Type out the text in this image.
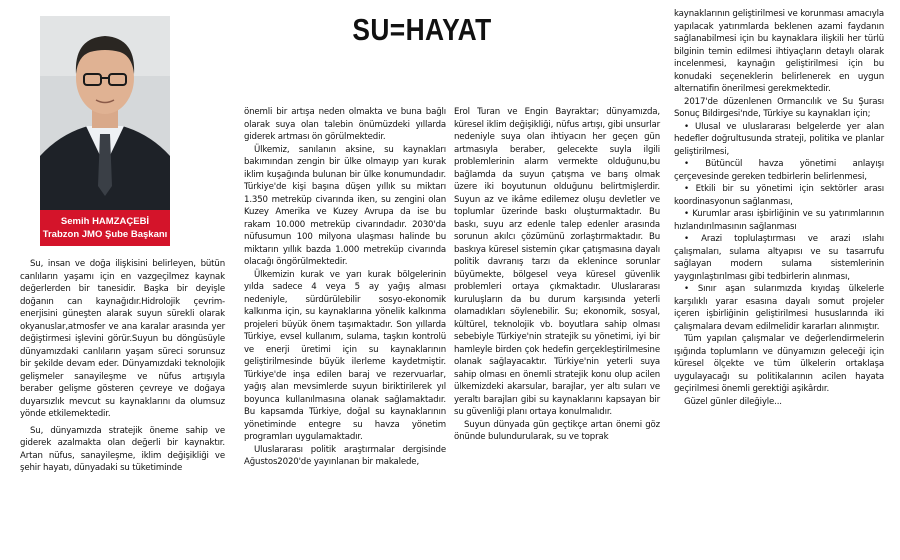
Semih HAMZAÇEBİ
Trabzon JMO Şube Başkanı
SU=HAYAT

Su, insan ve doğa ilişkisini belirleyen, bütün canlıların yaşamı için en vazgeçilmez kaynak değerlerden bir tanesidir. Başka bir deyişle doğanın can kaynağıdır.Hidrolojik çevrim-enerjisini güneşten alarak suyun sürekli olarak okyanuslar,atmosfer ve ana karalar arasında yer değiştirmesi işlevini görür.Suyun bu döngüsüyle dünyamızdaki canlıların yaşam süreci sorunsuz bir şekilde devam eder. Dünyamızdaki teknolojik gelişmeler sanayileşme ve nüfus artışıyla beraber gelişme gösteren çevreye ve doğaya duyarsızlık mevcut su kaynaklarını da olumsuz yönde etkilemektedir.

Su, dünyamızda stratejik öneme sahip ve giderek azalmakta olan değerli bir kaynaktır. Artan nüfus, sanayileşme, iklim değişikliği ve şehir hayatı, dünyadaki su tüketiminde

önemli bir artışa neden olmakta ve buna bağlı olarak suya olan talebin önümüzdeki yıllarda giderek artması ön görülmektedir.

Ülkemiz, sanılanın aksine, su kaynakları bakımından zengin bir ülke olmayıp yarı kurak iklim kuşağında bulunan bir ülke konumundadır. Türkiye'de kişi başına düşen yıllık su miktarı 1.350 metreküp civarında iken, su zengini olan Kuzey Amerika ve Kuzey Avrupa da ise bu rakam 10.000 metreküp civarındadır. 2030'da nüfusumun 100 milyona ulaşması halinde bu miktarın yıllık bazda 1.000 metreküp civarında olacağı öngörülmektedir.

Ülkemizin kurak ve yarı kurak bölgelerinin yılda sadece 4 veya 5 ay yağış alması nedeniyle, sürdürülebilir sosyo-ekonomik kalkınma için, su kaynaklarına yönelik kalkınma projeleri büyük önem taşımaktadır. Son yıllarda Türkiye, evsel kullanım, sulama, taşkın kontrolü ve enerji üretimi için su kaynaklarının geliştirilmesinde büyük ilerleme kaydetmiştir. Türkiye'de inşa edilen baraj ve rezervuarlar, yağış alan mevsimlerde suyun biriktirilerek yıl boyunca kullanılmasına olanak sağlamaktadır. Bu kapsamda Türkiye, doğal su kaynaklarının yönetiminde entegre su havza yönetim programları uygulamaktadır.

Uluslararası politik araştırmalar dergisinde Ağustos2020'de yayınlanan bir makalede,

Erol Turan ve Engin Bayraktar; dünyamızda, küresel iklim değişikliği, nüfus artışı, gibi unsurlar nedeniyle suya olan ihtiyacın her geçen gün artmasıyla beraber, gelecekte suyla ilgili problemlerinin alarm vermekte olduğunu,bu bağlamda da suyun çatışma ve barış olmak üzere iki boyutunun olduğunu belirtmişlerdir. Suyun az ve ikâme edilemez oluşu devletler ve toplumlar üzerinde baskı oluşturmaktadır. Bu baskı, suyu arz edenle talep edenler arasında sorunun akılcı çözümünü zorlaştırmaktadır. Bu baskıya küresel sistemin çıkar çatışmasına dayalı politik davranış tarzı da eklenince sorunlar büyümekte, bölgesel veya küresel güvenlik problemleri ortaya çıkmaktadır. Uluslararası kuruluşların da bu durum karşısında yeterli olamadıkları söylenebilir. Su; ekonomik, sosyal, kültürel, teknolojik vb. boyutlara sahip olması sebebiyle Türkiye'nin stratejik su yönetimi, iyi bir hamleyle birden çok hedefin gerçekleştirilmesine olanak sağlayacaktır. Türkiye'nin yeterli suya sahip olması en önemli stratejik konu olup acilen ülkemizdeki akarsular, barajlar, yer altı suları ve yeraltı barajları gibi su kaynaklarını kapsayan bir su güvenliği planı ortaya konulmalıdır.

Suyun dünyada gün geçtikçe artan önemi göz önünde bulundurularak, su ve toprak

kaynaklarının geliştirilmesi ve korunması amacıyla yapılacak yatırımlarda beklenen azami faydanın sağlanabilmesi için bu kaynaklara ilişkili her türlü bilginin temin edilmesi ihtiyaçların detaylı olarak incelenmesi, kaynağın geliştirilmesi için bu konudaki seçeneklerin belirlenerek en uygun alternatifin önerilmesi gerekmektedir.

2017'de düzenlenen Ormancılık ve Su Şurası Sonuç Bildirgesi'nde, Türkiye su kaynakları için;

• Ulusal ve uluslararası belgelerde yer alan hedefler doğrultusunda strateji, politika ve planlar geliştirilmesi,

• Bütüncül havza yönetimi anlayışı çerçevesinde gereken tedbirlerin belirlenmesi,

• Etkili bir su yönetimi için sektörler arası koordinasyonun sağlanması,

• Kurumlar arası işbirliğinin ve su yatırımlarının hızlandırılmasının sağlanması

• Arazi toplulaştırması ve arazi ıslahı çalışmaları, sulama altyapısı ve su tasarrufu sağlayan modern sulama sistemlerinin yaygınlaştırılması gibi tedbirlerin alınması,

• Sınır aşan sularımızda kıyıdaş ülkelerle karşılıklı yarar esasına dayalı somut projeler içeren işbirliğinin geliştirilmesi hususlarında iki çalışmalara devam edilmelidir kararları alınmıştır.

Tüm yapılan çalışmalar ve değerlendirmelerin ışığında toplumların ve dünyamızın geleceği için küresel ölçekte ve tüm ülkelerin ortaklaşa uygulayacağı su politikalarının acilen hayata geçirilmesi önemli gerektiği aşikârdır.

Güzel günler dileğiyle...
